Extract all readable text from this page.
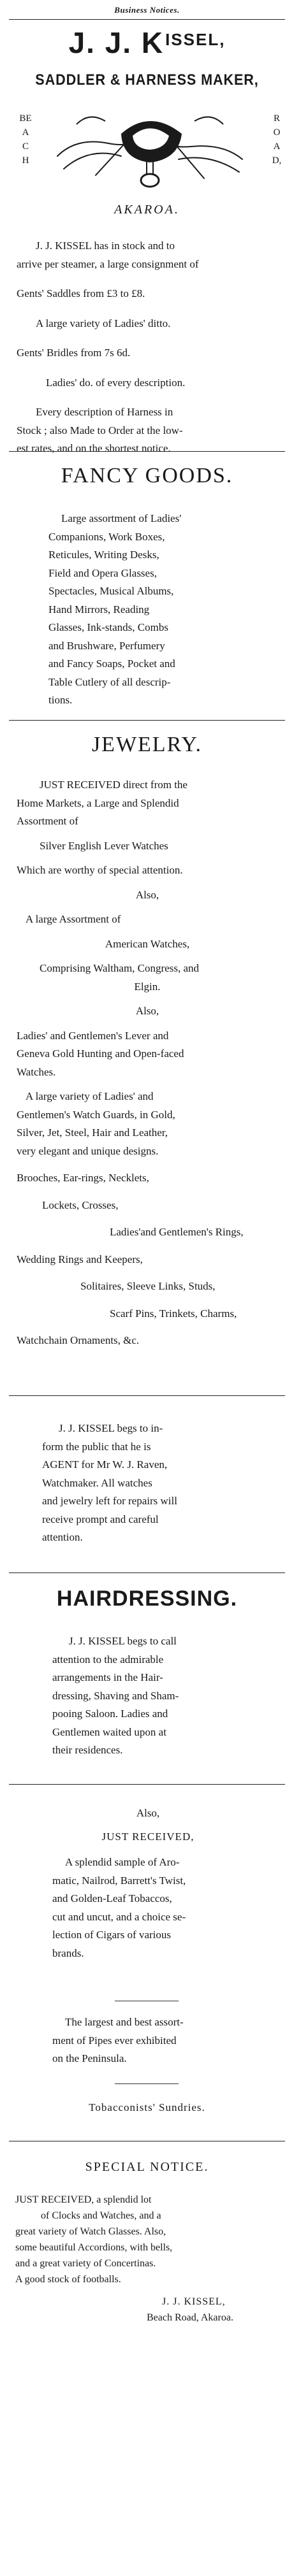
Business Notices.
J. J. KISSEL,
SADDLER & HARNESS MAKER,
BEACH
ROAD,
AKAROA.
J. J. KISSEL has in stock and to
arrive per steamer, a large consignment of
Gents' Saddles from £3 to £8.
A large variety of Ladies' ditto.
Gents' Bridles from 7s 6d.
Ladies' do. of every description.
Every description of Harness in
Stock ; also Made to Order at the low-
est rates, and on the shortest notice.
FANCY GOODS.
Large assortment of Ladies'
Companions, Work Boxes,
Reticules, Writing Desks,
Field and Opera Glasses,
Spectacles, Musical Albums,
Hand Mirrors, Reading
Glasses, Ink-stands, Combs
and Brushware, Perfumery
and Fancy Soaps, Pocket and
Table Cutlery of all descrip-
tions.
JEWELRY.
JUST RECEIVED direct from the
Home Markets, a Large and Splendid
Assortment of
Silver English Lever Watches
Which are worthy of special attention.
Also,
A large Assortment of
American Watches,
Comprising Waltham, Congress, and
Elgin.
Also,
Ladies' and Gentlemen's Lever and
Geneva Gold Hunting and Open-faced
Watches.
A large variety of Ladies' and
Gentlemen's Watch Guards, in Gold,
Silver, Jet, Steel, Hair and Leather,
very elegant and unique designs.
Brooches, Ear-rings, Necklets,
Lockets, Crosses,
Ladies'and Gentlemen's Rings,
Wedding Rings and Keepers,
Solitaires, Sleeve Links, Studs,
Scarf Pins, Trinkets, Charms,
Watchchain Ornaments, &c.
J. J. KISSEL begs to in-
form the public that he is
AGENT for Mr W. J. Raven,
Watchmaker. All watches
and jewelry left for repairs will
receive prompt and careful
attention.
HAIRDRESSING.
J. J. KISSEL begs to call
attention to the admirable
arrangements in the Hair-
dressing, Shaving and Sham-
pooing Saloon. Ladies and
Gentlemen waited upon at
their residences.
Also,
JUST RECEIVED,
A splendid sample of Aro-
matic, Nailrod, Barrett's Twist,
and Golden-Leaf Tobaccos,
cut and uncut, and a choice se-
lection of Cigars of various
brands.
The largest and best assort-
ment of Pipes ever exhibited
on the Peninsula.
Tobacconists' Sundries.
SPECIAL NOTICE.
JUST RECEIVED, a splendid lot
of Clocks and Watches, and a
great variety of Watch Glasses. Also,
some beautiful Accordions, with bells,
and a great variety of Concertinas.
A good stock of footballs.
J. J. KISSEL,
Beach Road, Akaroa.
